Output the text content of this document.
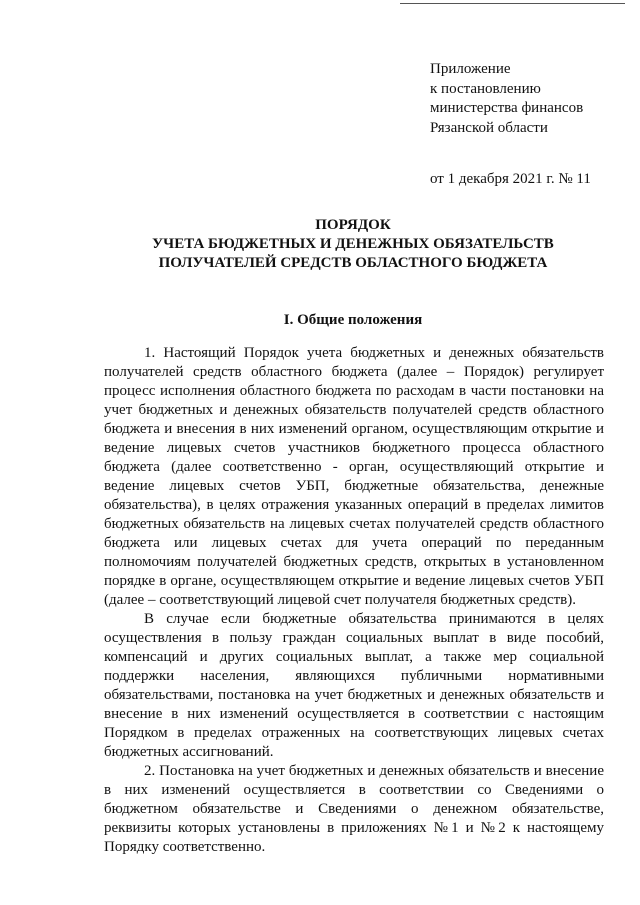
Приложение
к постановлению
министерства финансов
Рязанской области
от 1 декабря 2021 г. № 11
ПОРЯДОК
УЧЕТА БЮДЖЕТНЫХ И ДЕНЕЖНЫХ ОБЯЗАТЕЛЬСТВ
ПОЛУЧАТЕЛЕЙ СРЕДСТВ ОБЛАСТНОГО БЮДЖЕТА
I. Общие положения

1. Настоящий Порядок учета бюджетных и денежных обязательств получателей средств областного бюджета (далее – Порядок) регулирует процесс исполнения областного бюджета по расходам в части постановки на учет бюджетных и денежных обязательств получателей средств областного бюджета и внесения в них изменений органом, осуществляющим открытие и ведение лицевых счетов участников бюджетного процесса областного бюджета (далее соответственно - орган, осуществляющий открытие и ведение лицевых счетов УБП, бюджетные обязательства, денежные обязательства), в целях отражения указанных операций в пределах лимитов бюджетных обязательств на лицевых счетах получателей средств областного бюджета или лицевых счетах для учета операций по переданным полномочиям получателей бюджетных средств, открытых в установленном порядке в органе, осуществляющем открытие и ведение лицевых счетов УБП (далее – соответствующий лицевой счет получателя бюджетных средств).

В случае если бюджетные обязательства принимаются в целях осуществления в пользу граждан социальных выплат в виде пособий, компенсаций и других социальных выплат, а также мер социальной поддержки населения, являющихся публичными нормативными обязательствами, постановка на учет бюджетных и денежных обязательств и внесение в них изменений осуществляется в соответствии с настоящим Порядком в пределах отраженных на соответствующих лицевых счетах бюджетных ассигнований.

2. Постановка на учет бюджетных и денежных обязательств и внесение в них изменений осуществляется в соответствии со Сведениями о бюджетном обязательстве и Сведениями о денежном обязательстве, реквизиты которых установлены в приложениях №1 и №2 к настоящему Порядку соответственно.
